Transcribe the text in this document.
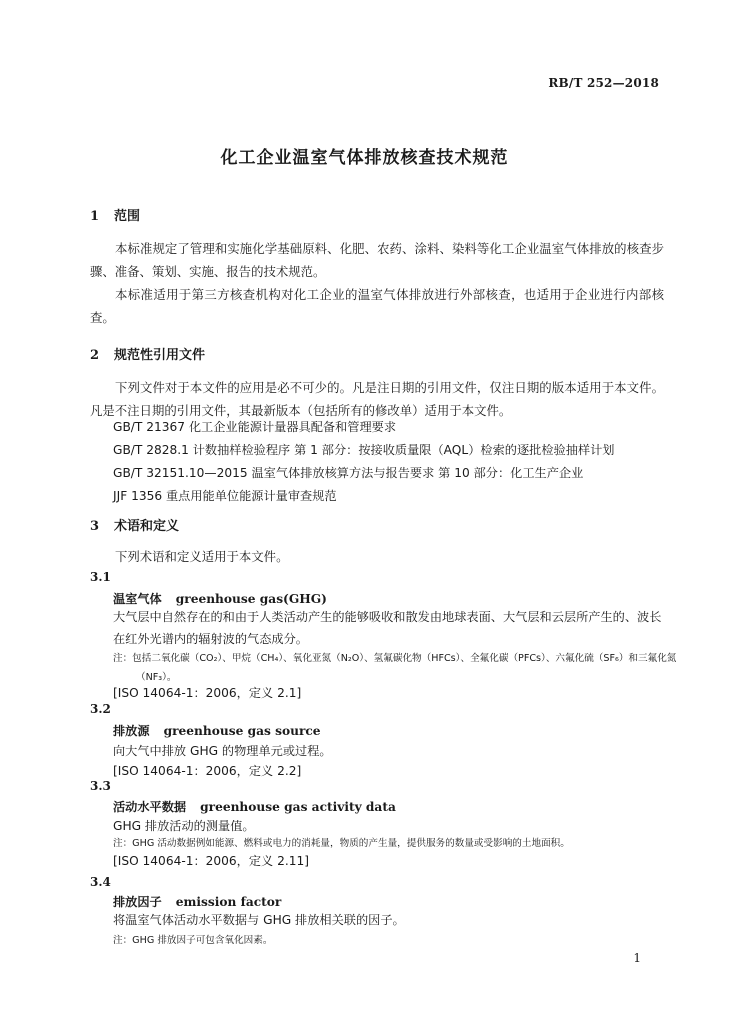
RB/T 252—2018
化工企业温室气体排放核查技术规范
1 范围
本标准规定了管理和实施化学基础原料、化肥、农药、涂料、染料等化工企业温室气体排放的核查步骤、准备、策划、实施、报告的技术规范。
本标准适用于第三方核查机构对化工企业的温室气体排放进行外部核查，也适用于企业进行内部核查。
2 规范性引用文件
下列文件对于本文件的应用是必不可少的。凡是注日期的引用文件，仅注日期的版本适用于本文件。凡是不注日期的引用文件，其最新版本（包括所有的修改单）适用于本文件。
GB/T 21367 化工企业能源计量器具配备和管理要求
GB/T 2828.1 计数抽样检验程序 第 1 部分：按接收质量限（AQL）检索的逐批检验抽样计划
GB/T 32151.10—2015 温室气体排放核算方法与报告要求 第 10 部分：化工生产企业
JJF 1356 重点用能单位能源计量审查规范
3 术语和定义
下列术语和定义适用于本文件。
3.1
温室气体 greenhouse gas(GHG)
大气层中自然存在的和由于人类活动产生的能够吸收和散发由地球表面、大气层和云层所产生的、波长在红外光谱内的辐射波的气态成分。
注：包括二氧化碳（CO₂）、甲烷（CH₄）、氧化亚氮（N₂O）、氢氟碳化物（HFCs）、全氟化碳（PFCs）、六氟化硫（SF₆）和三氟化氮（NF₃）。
[ISO 14064-1：2006，定义 2.1]
3.2
排放源 greenhouse gas source
向大气中排放 GHG 的物理单元或过程。
[ISO 14064-1：2006，定义 2.2]
3.3
活动水平数据 greenhouse gas activity data
GHG 排放活动的测量值。
注：GHG 活动数据例如能源、燃料或电力的消耗量，物质的产生量，提供服务的数量或受影响的土地面积。
[ISO 14064-1：2006，定义 2.11]
3.4
排放因子 emission factor
将温室气体活动水平数据与 GHG 排放相关联的因子。
注：GHG 排放因子可包含氧化因素。
1
